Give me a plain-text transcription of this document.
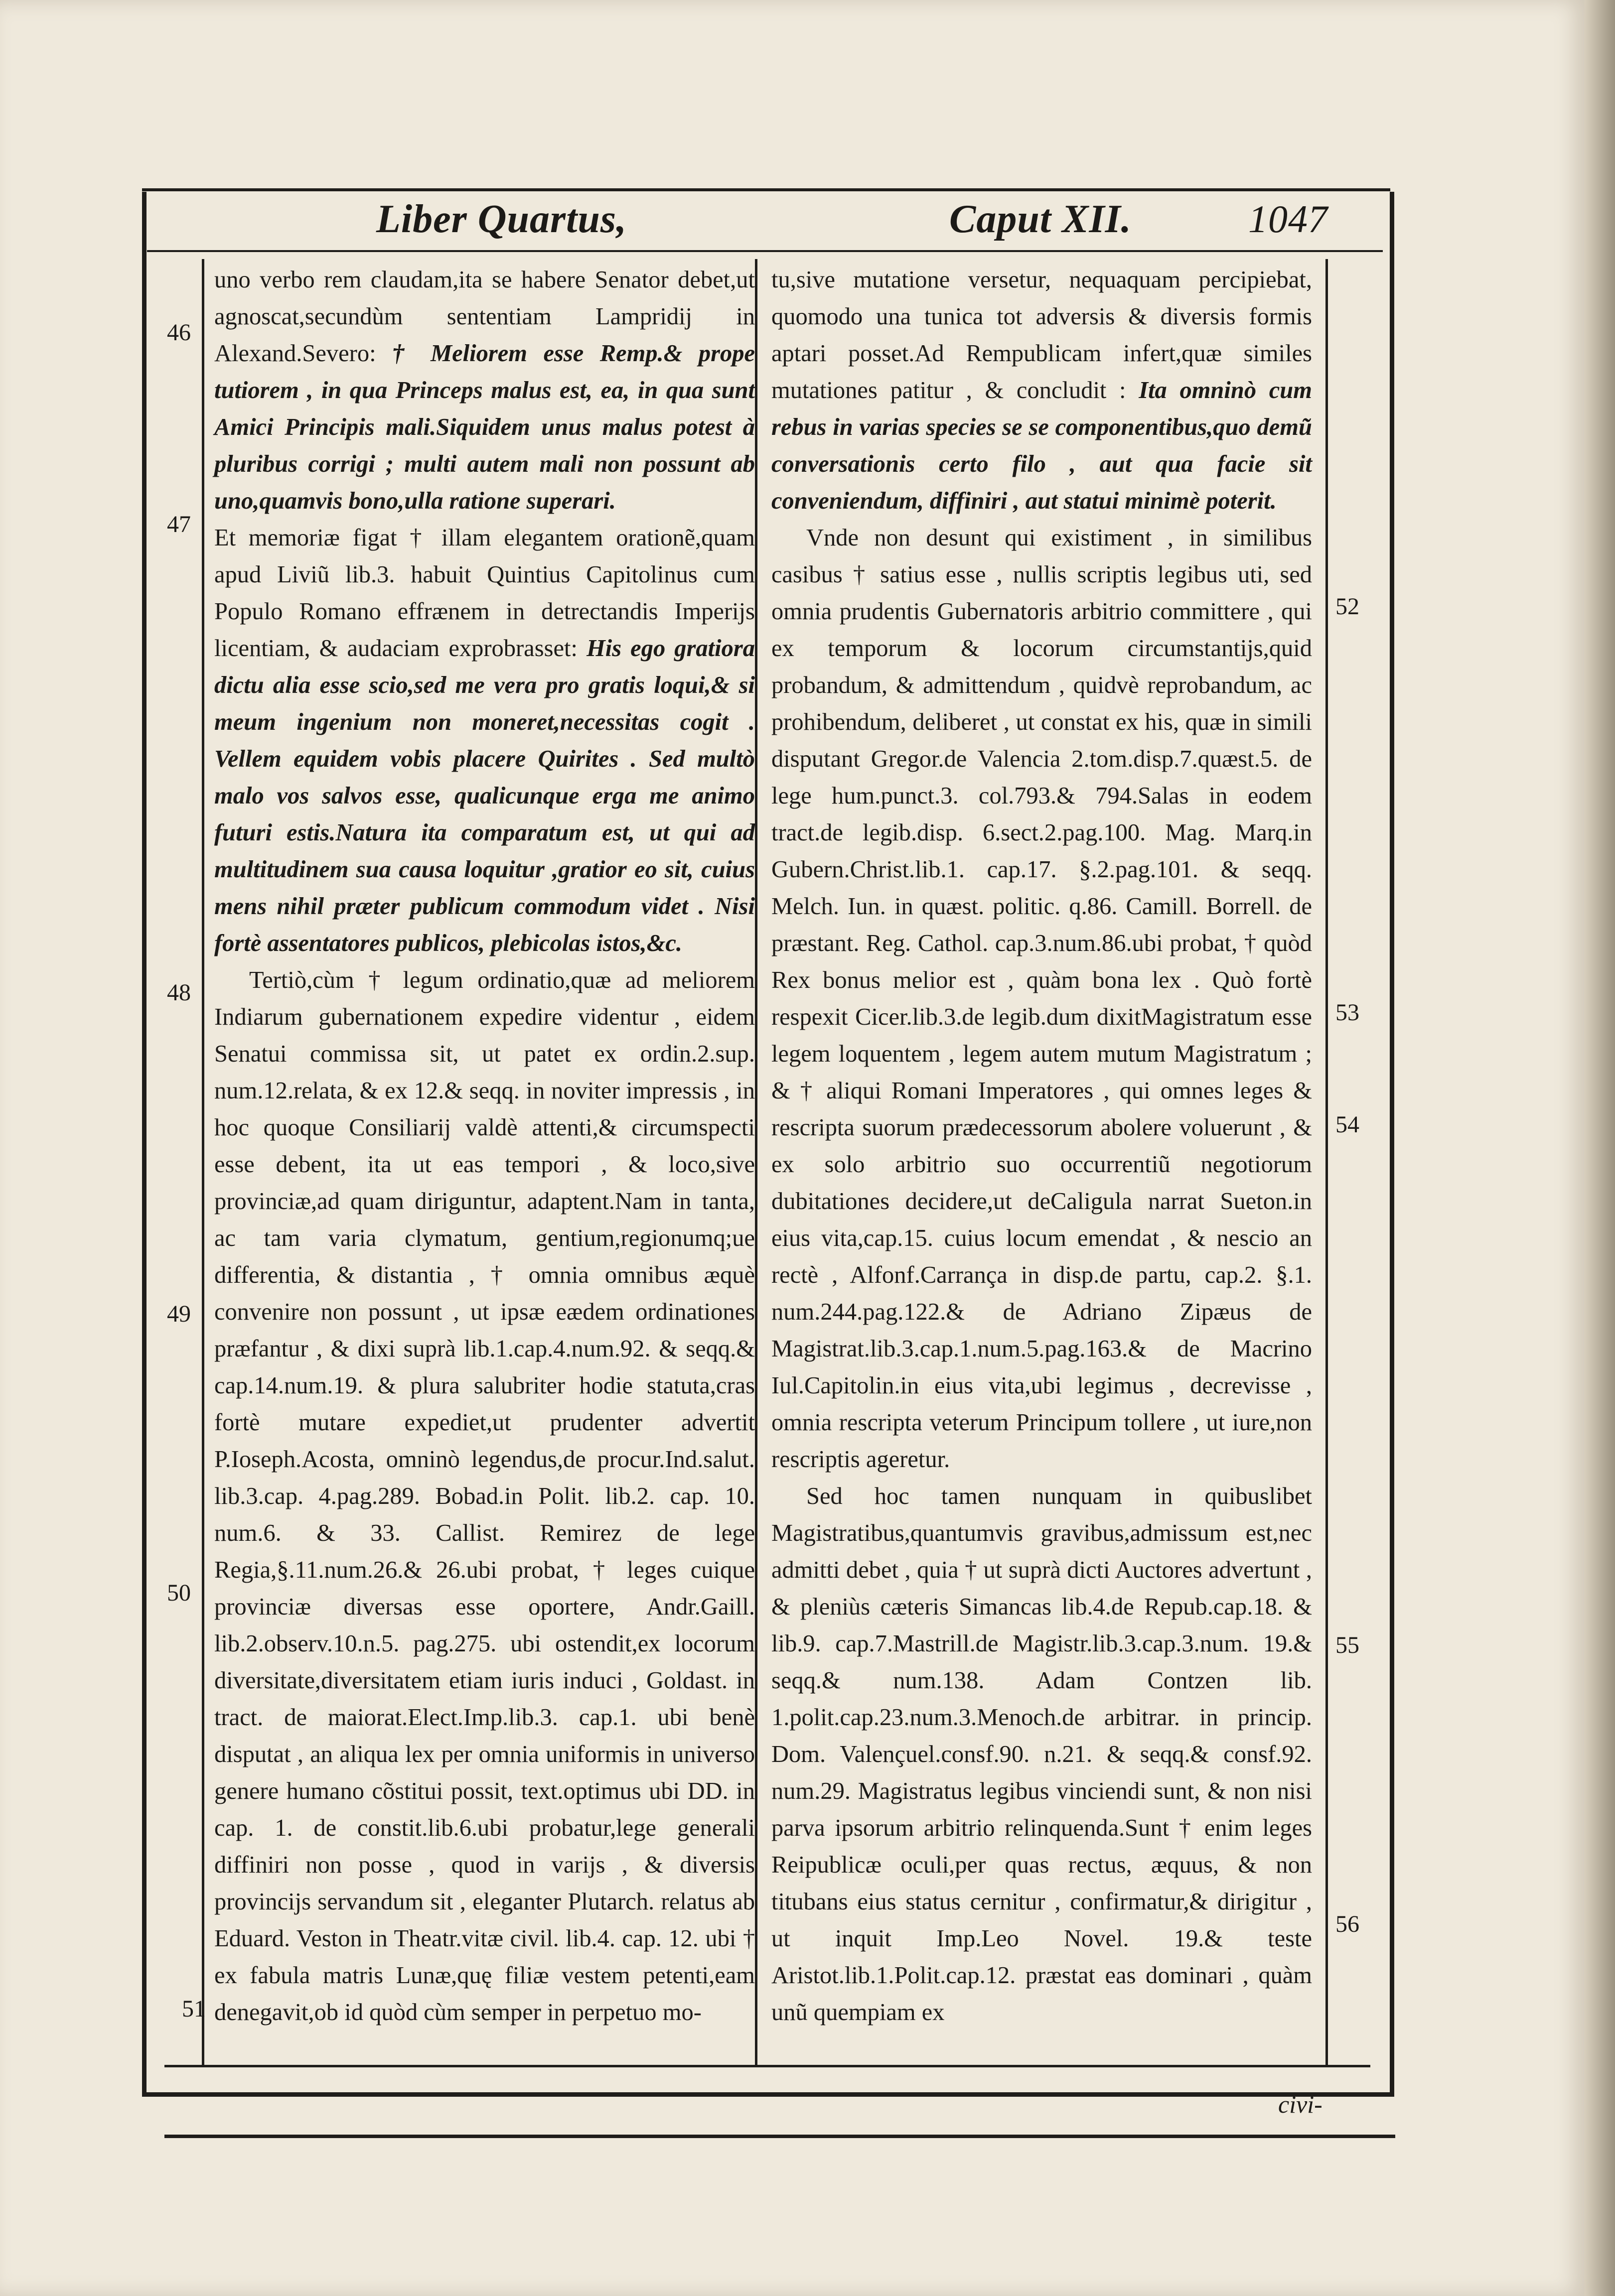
Liber Quartus,	Caput XII.	1047

uno verbo rem claudam,ita se habere Senator debet,ut agnoscat,secundùm sententiam Lampridij in Alexand.Severo: † Meliorem esse Remp.& prope tutiorem , in qua Princeps malus est, ea, in qua sunt Amici Principis mali.Siquidem unus malus potest à pluribus corrigi ; multi autem mali non possunt ab uno,quamvis bono,ulla ratione superari.

Et memoriæ figat † illam elegantem orationẽ,quam apud Liviũ lib.3. habuit Quintius Capitolinus cum Populo Romano effrænem in detrectandis Imperijs licentiam, & audaciam exprobrasset: His ego gratiora dictu alia esse scio,sed me vera pro gratis loqui,& si meum ingenium non moneret,necessitas cogit . Vellem equidem vobis placere Quirites . Sed multò malo vos salvos esse, qualicunque erga me animo futuri estis.Natura ita comparatum est, ut qui ad multitudinem sua causa loquitur ,gratior eo sit, cuius mens nihil præter publicum commodum videt . Nisi fortè assentatores publicos, plebicolas istos,&c.

Tertiò,cùm † legum ordinatio,quæ ad meliorem Indiarum gubernationem expedire videntur , eidem Senatui commissa sit, ut patet ex ordin.2.sup. num.12.relata, & ex 12.& seqq. in noviter impressis , in hoc quoque Consiliarij valdè attenti,& circumspecti esse debent, ita ut eas tempori , & loco,sive provinciæ,ad quam diriguntur, adaptent.Nam in tanta, ac tam varia clymatum, gentium,regionumq;ue differentia, & distantia , † omnia omnibus æquè convenire non possunt , ut ipsæ eædem ordinationes præfantur , & dixi suprà lib.1.cap.4.num.92. & seqq.& cap.14.num.19. & plura salubriter hodie statuta,cras fortè mutare expediet,ut prudenter advertit P.Ioseph.Acosta, omninò legendus,de procur.Ind.salut. lib.3.cap. 4.pag.289. Bobad.in Polit. lib.2. cap. 10. num.6. & 33. Callist. Remirez de lege Regia,§.11.num.26.& 26.ubi probat, † leges cuique provinciæ diversas esse oportere, Andr.Gaill. lib.2.observ.10.n.5. pag.275. ubi ostendit,ex locorum diversitate,diversitatem etiam iuris induci , Goldast. in tract. de maiorat.Elect.Imp.lib.3. cap.1. ubi benè disputat , an aliqua lex per omnia uniformis in universo genere humano cõstitui possit, text.optimus ubi DD. in cap. 1. de constit.lib.6.ubi probatur,lege generali diffiniri non posse , quod in varijs , & diversis provincijs servandum sit , eleganter Plutarch. relatus ab Eduard. Veston in Theatr.vitæ civil. lib.4. cap. 12. ubi † ex fabula matris Lunæ,quę filiæ vestem petenti,eam denegavit,ob id quòd cùm semper in perpetuo mo-

tu,sive mutatione versetur, nequaquam percipiebat, quomodo una tunica tot adversis & diversis formis aptari posset.Ad Rempublicam infert,quæ similes mutationes patitur , & concludit : Ita omninò cum rebus in varias species se se componentibus,quo demũ conversationis certo filo , aut qua facie sit conveniendum, diffiniri , aut statui minimè poterit.

Vnde non desunt qui existiment , in similibus casibus † satius esse , nullis scriptis legibus uti, sed omnia prudentis Gubernatoris arbitrio committere , qui ex temporum & locorum circumstantijs,quid probandum, & admittendum , quidvè reprobandum, ac prohibendum, deliberet , ut constat ex his, quæ in simili disputant Gregor.de Valencia 2.tom.disp.7.quæst.5. de lege hum.punct.3. col.793.& 794.Salas in eodem tract.de legib.disp. 6.sect.2.pag.100. Mag. Marq.in Gubern.Christ.lib.1. cap.17. §.2.pag.101. & seqq. Melch. Iun. in quæst. politic. q.86. Camill. Borrell. de præstant. Reg. Cathol. cap.3.num.86.ubi probat, † quòd Rex bonus melior est , quàm bona lex . Quò fortè respexit Cicer.lib.3.de legib.dum dixitMagistratum esse legem loquentem , legem autem mutum Magistratum ; & † aliqui Romani Imperatores , qui omnes leges & rescripta suorum prædecessorum abolere voluerunt , & ex solo arbitrio suo occurrentiũ negotiorum dubitationes decidere,ut deCaligula narrat Sueton.in eius vita,cap.15. cuius locum emendat , & nescio an rectè , Alfonf.Carrança in disp.de partu, cap.2. §.1. num.244.pag.122.& de Adriano Zipæus de Magistrat.lib.3.cap.1.num.5.pag.163.& de Macrino Iul.Capitolin.in eius vita,ubi legimus , decrevisse , omnia rescripta veterum Principum tollere , ut iure,non rescriptis ageretur.

Sed hoc tamen nunquam in quibuslibet Magistratibus,quantumvis gravibus,admissum est,nec admitti debet , quia † ut suprà dicti Auctores advertunt , & pleniùs cæteris Simancas lib.4.de Repub.cap.18. & lib.9. cap.7.Mastrill.de Magistr.lib.3.cap.3.num. 19.& seqq.& num.138. Adam Contzen lib. 1.polit.cap.23.num.3.Menoch.de arbitrar. in princip. Dom. Valençuel.consf.90. n.21. & seqq.& consf.92. num.29. Magistratus legibus vinciendi sunt, & non nisi parva ipsorum arbitrio relinquenda.Sunt † enim leges Reipublicæ oculi,per quas rectus, æquus, & non titubans eius status cernitur , confirmatur,& dirigitur , ut inquit Imp.Leo Novel. 19.& teste Aristot.lib.1.Polit.cap.12. præstat eas dominari , quàm unũ quempiam ex

46
47
48
49
50
51
52
53
54
55
56
civi-
